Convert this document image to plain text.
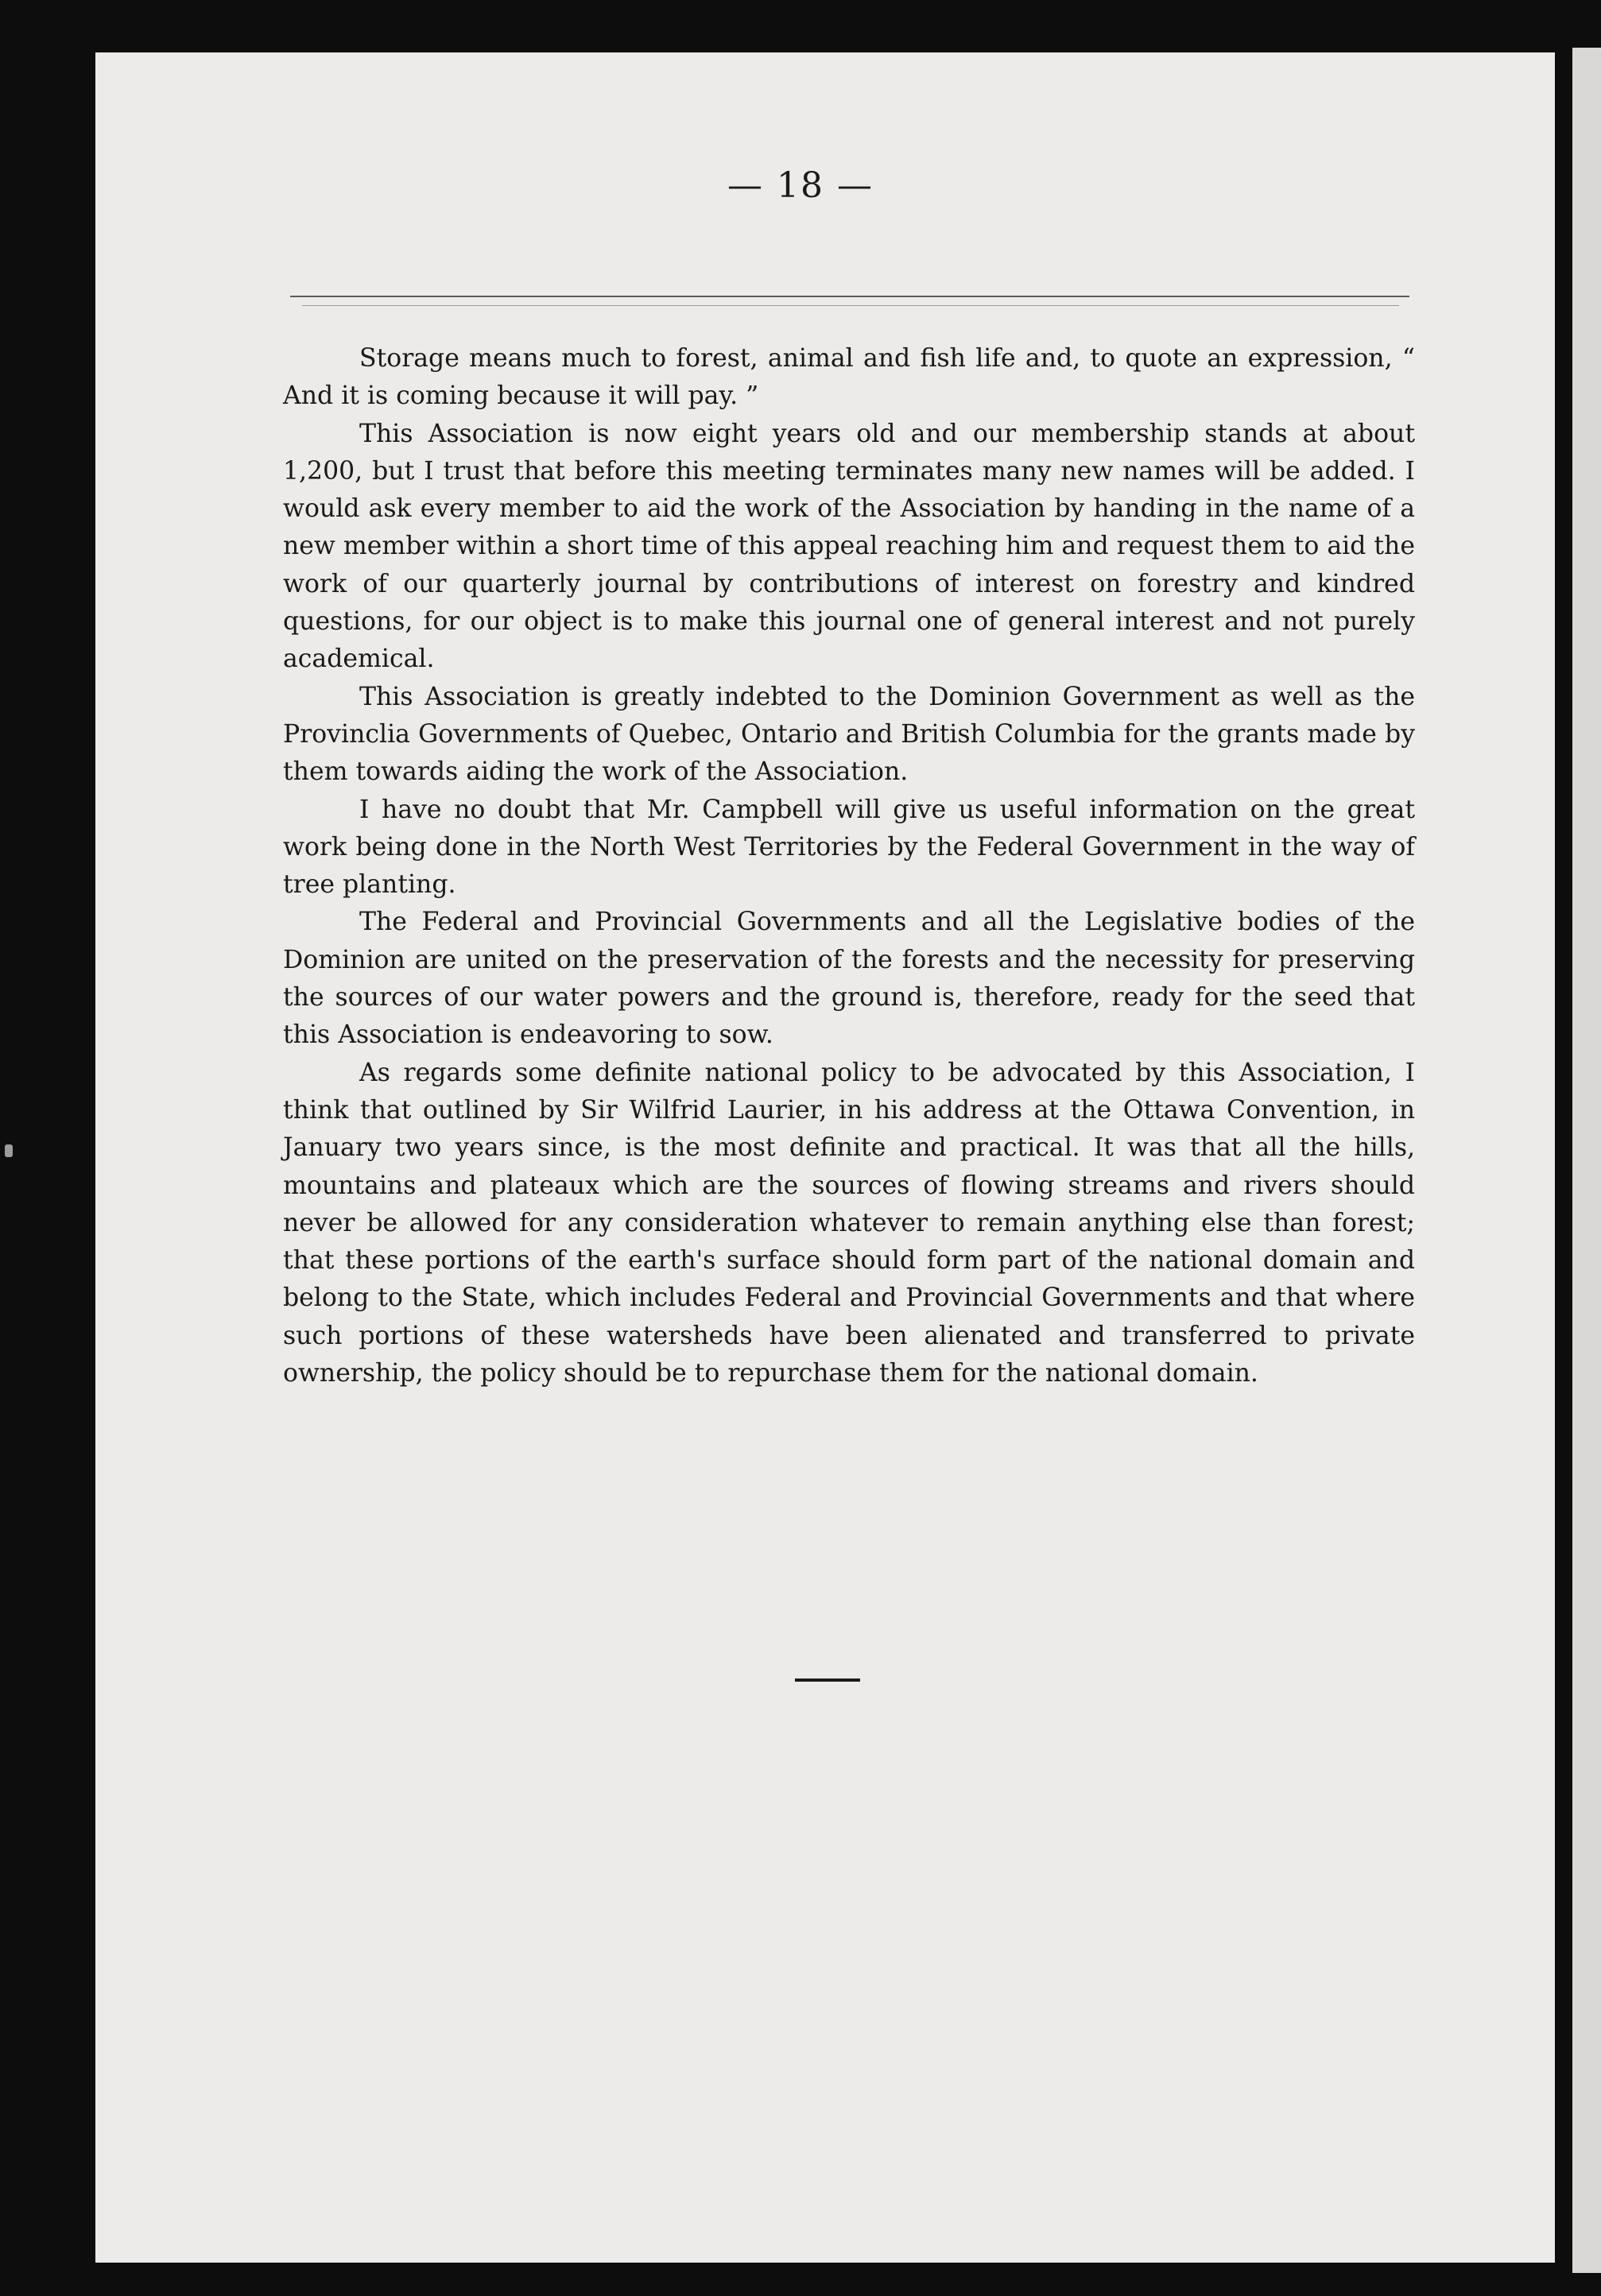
— 18 —

Storage means much to forest, animal and fish life and, to quote an expression, “ And it is coming because it will pay. ”

This Association is now eight years old and our membership stands at about 1,200, but I trust that before this meeting terminates many new names will be added. I would ask every member to aid the work of the Association by handing in the name of a new member within a short time of this appeal reaching him and request them to aid the work of our quarterly journal by contributions of interest on forestry and kindred questions, for our object is to make this journal one of general interest and not purely academical.

This Association is greatly indebted to the Dominion Government as well as the Provinclia Governments of Quebec, Ontario and British Columbia for the grants made by them towards aiding the work of the Association.

I have no doubt that Mr. Campbell will give us useful information on the great work being done in the North West Territories by the Federal Government in the way of tree planting.

The Federal and Provincial Governments and all the Legislative bodies of the Dominion are united on the preservation of the forests and the necessity for preserving the sources of our water powers and the ground is, therefore, ready for the seed that this Association is endeavoring to sow.

As regards some definite national policy to be advocated by this Association, I think that outlined by Sir Wilfrid Laurier, in his address at the Ottawa Convention, in January two years since, is the most definite and practical. It was that all the hills, mountains and plateaux which are the sources of flowing streams and rivers should never be allowed for any consideration whatever to remain anything else than forest; that these portions of the earth's surface should form part of the national domain and belong to the State, which includes Federal and Provincial Governments and that where such portions of these watersheds have been alienated and transferred to private ownership, the policy should be to repurchase them for the national domain.
